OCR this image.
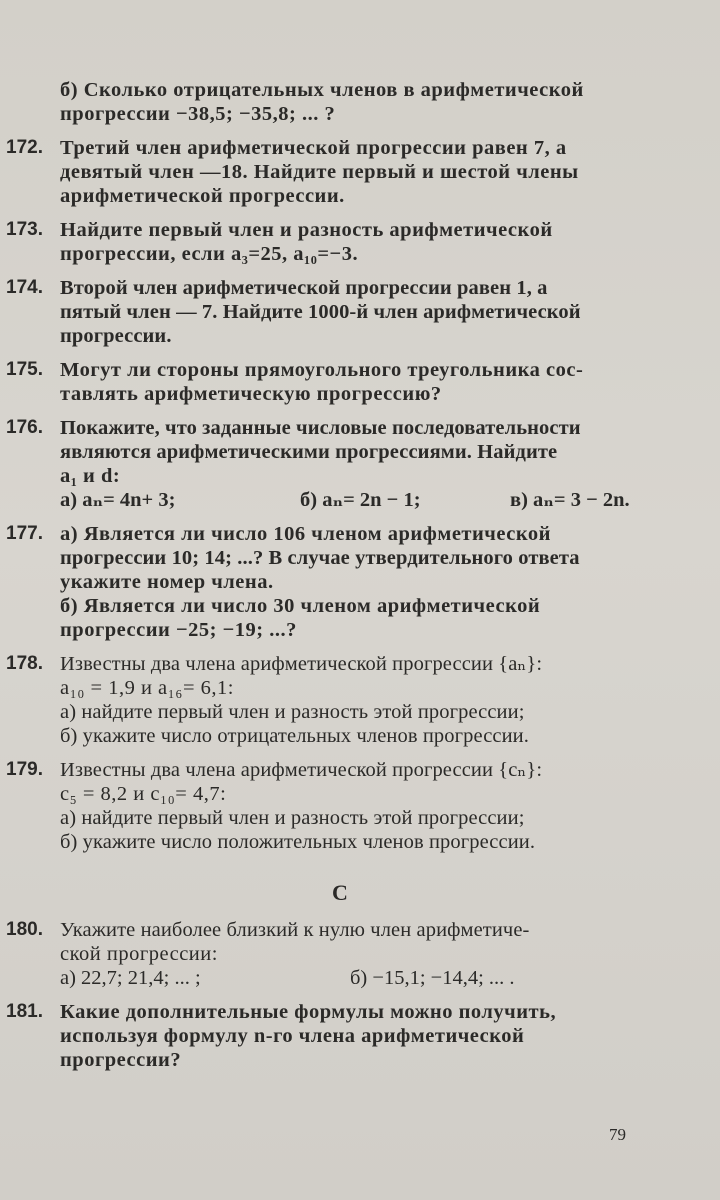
б) Сколько отрицательных членов в арифметической
прогрессии −38,5; −35,8; ... ?
172. Третий член арифметической прогрессии равен 7, а
девятый член —18. Найдите первый и шестой члены
арифметической прогрессии.
173. Найдите первый член и разность арифметической
прогрессии, если a₃=25, a₁₀=−3.
174. Второй член арифметической прогрессии равен 1, а
пятый член — 7. Найдите 1000-й член арифметической
прогрессии.
175. Могут ли стороны прямоугольного треугольника сос-
тавлять арифметическую прогрессию?
176. Покажите, что заданные числовые последовательности
являются арифметическими прогрессиями. Найдите
a₁ и d:
а) aₙ= 4n+ 3;	б) aₙ= 2n − 1;	в) aₙ= 3 − 2n.
177. а) Является ли число 106 членом арифметической
прогрессии 10; 14; ...? В случае утвердительного ответа
укажите номер члена.
б) Является ли число 30 членом арифметической
прогрессии −25; −19; ...?
178. Известны два члена арифметической прогрессии {aₙ}:
a₁₀ = 1,9 и a₁₆= 6,1:
а) найдите первый член и разность этой прогрессии;
б) укажите число отрицательных членов прогрессии.
179. Известны два члена арифметической прогрессии {cₙ}:
c₅ = 8,2 и c₁₀= 4,7:
а) найдите первый член и разность этой прогрессии;
б) укажите число положительных членов прогрессии.
C
180. Укажите наиболее близкий к нулю член арифметиче-
ской прогрессии:
а) 22,7; 21,4; ... ;	б) −15,1; −14,4; ... .
181. Какие дополнительные формулы можно получить,
используя формулу n-го члена арифметической
прогрессии?
79
